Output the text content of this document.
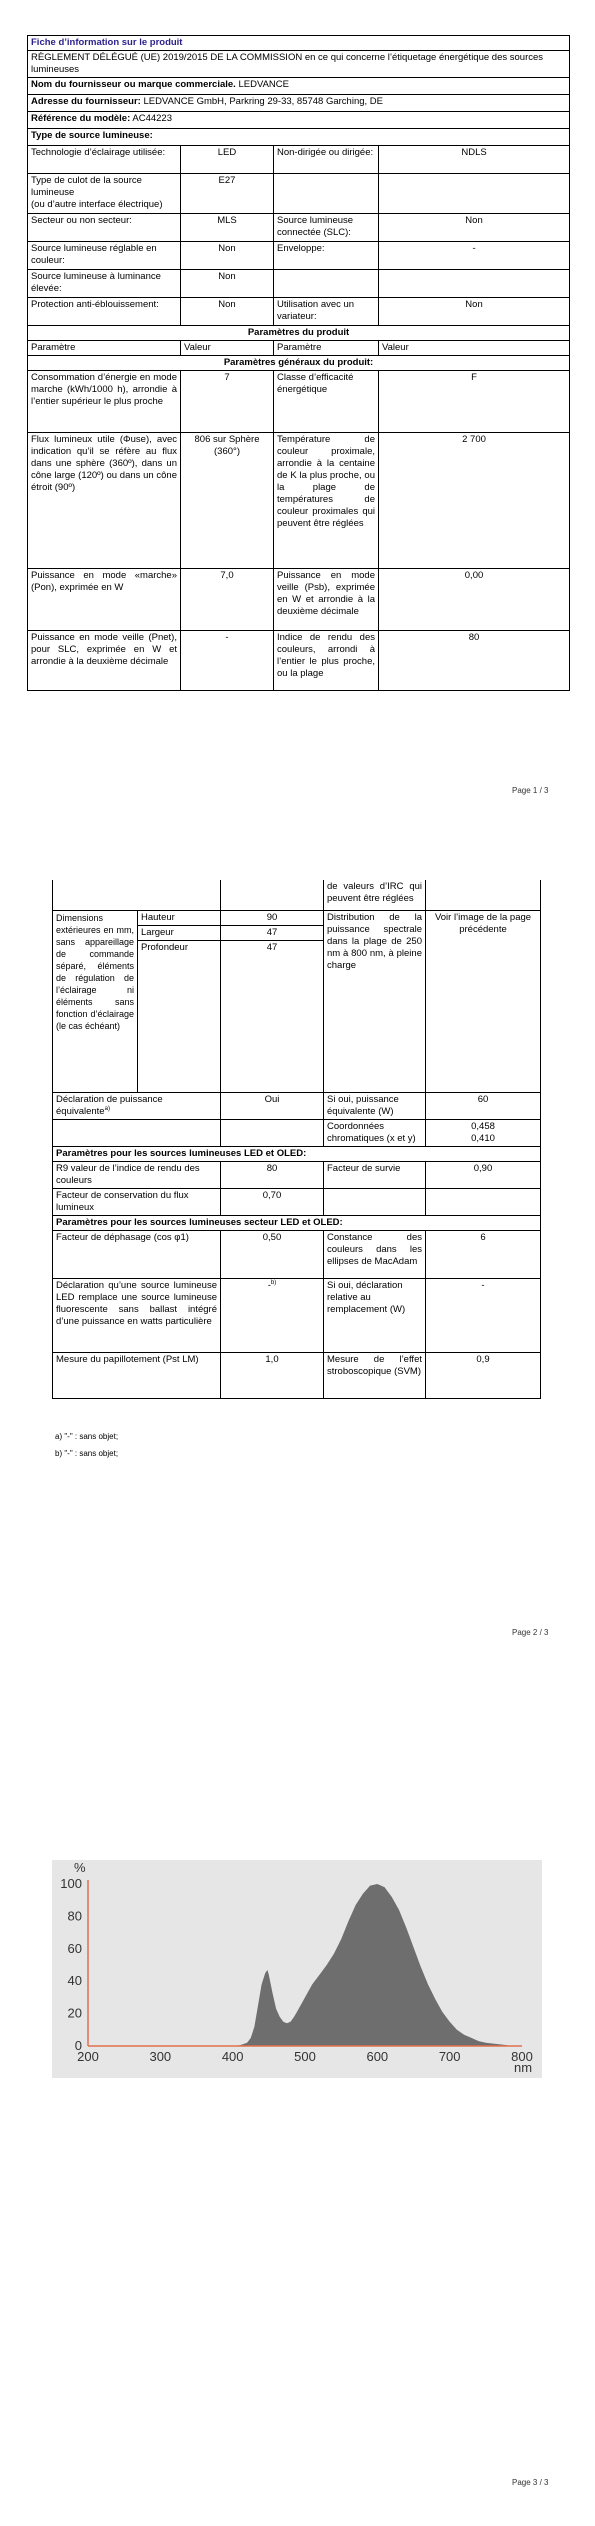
Fiche d’information sur le produit			
RÈGLEMENT DÉLÉGUÉ (UE) 2019/2015 DE LA COMMISSION en ce qui concerne l’étiquetage énergétique des sources lumineuses			
Nom du fournisseur ou marque commerciale. LEDVANCE			
Adresse du fournisseur: LEDVANCE GmbH, Parkring 29-33, 85748 Garching, DE			
Référence du modèle: AC44223			
Type de source lumineuse:			
Technologie d’éclairage utilisée:	LED	Non-dirigée ou dirigée:	NDLS
Type de culot de la source lumineuse
(ou d’autre interface électrique)	E27		
Secteur ou non secteur:	MLS	Source lumineuse connectée (SLC):	Non
Source lumineuse réglable en couleur:	Non	Enveloppe:	-
Source lumineuse à luminance élevée:	Non		
Protection anti-éblouissement:	Non	Utilisation avec un variateur:	Non
Paramètres du produit			
Paramètre	Valeur	Paramètre	Valeur
Paramètres généraux du produit:			
Consommation d’énergie en mode marche (kWh/1000 h), arrondie à l’entier supérieur le plus proche	7	Classe d’efficacité énergétique	F
Flux lumineux utile (Φuse), avec indication qu’il se réfère au flux dans une sphère (360º), dans un cône large (120º) ou dans un cône étroit (90º)	806 sur Sphère (360°)	Température de couleur proximale, arrondie à la centaine de K la plus proche, ou la plage de températures de couleur proximales qui peuvent être réglées	2 700
Puissance en mode «marche» (Pon), exprimée en W	7,0	Puissance en mode veille (Psb), exprimée en W et arrondie à la deuxième décimale	0,00
Puissance en mode veille (Pnet), pour SLC, exprimée en W et arrondie à la deuxième décimale	-	Indice de rendu des couleurs, arrondi à l’entier le plus proche, ou la plage	80
Page 1 / 3
			de valeurs d’IRC qui peuvent être réglées	
Dimensions extérieures en mm, sans appareillage de commande séparé, éléments de régulation de l’éclairage ni éléments sans fonction d’éclairage (le cas échéant)	Hauteur	90	Distribution de la puissance spectrale dans la plage de 250 nm à 800 nm, à pleine charge	Voir l’image de la page précédente
	Largeur	47		
	Profondeur	47		
Déclaration de puissance équivalente$^{a)}$		Oui	Si oui, puissance équivalente (W)	60
			Coordonnées chromatiques (x et y)	0,458
0,410
Paramètres pour les sources lumineuses LED et OLED:				
R9 valeur de l’indice de rendu des couleurs		80	Facteur de survie	0,90
Facteur de conservation du flux lumineux		0,70		
Paramètres pour les sources lumineuses secteur LED et OLED:				
Facteur de déphasage (cos φ1)		0,50	Constance des couleurs dans les ellipses de MacAdam	6
Déclaration qu’une source lumineuse LED remplace une source lumineuse fluorescente sans ballast intégré d’une puissance en watts particulière		-$^{b)}$	Si oui, déclaration relative au remplacement (W)	-
Mesure du papillotement (Pst LM)		1,0	Mesure de l’effet stroboscopique (SVM)	0,9
a) "-" : sans objet;
b) "-" : sans objet;
Page 2 / 3
%
nm
200	300	400	500	600	700	800
0
20
40
60
80
100
Page 3 / 3
